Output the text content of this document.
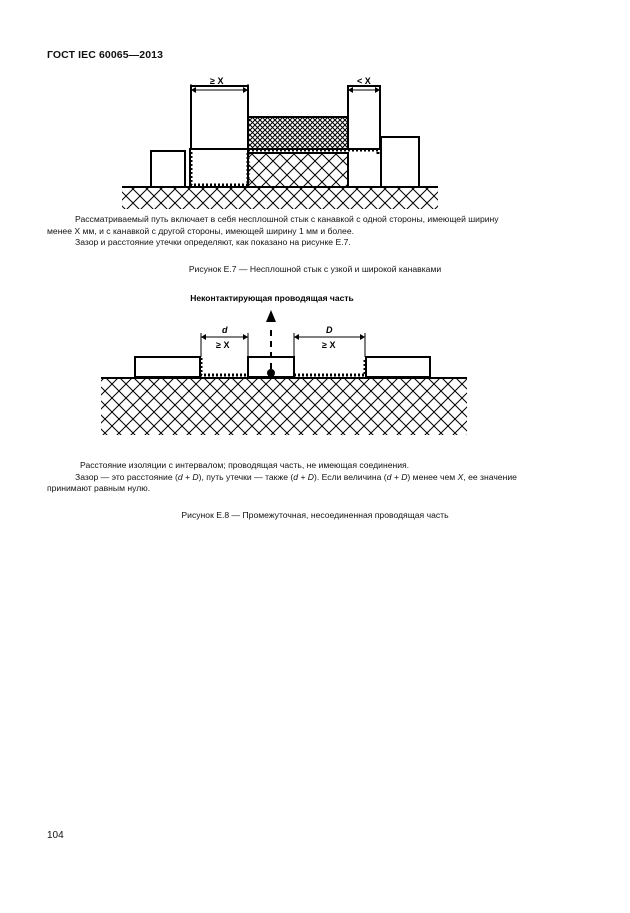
ГОСТ IEC 60065—2013
≥ X	< X

Рассматриваемый путь включает в себя несплошной стык с канавкой с одной стороны, имеющей ширину

менее X мм, и с канавкой с другой стороны, имеющей ширину 1 мм и более.

Зазор и расстояние утечки определяют, как показано на рисунке Е.7.

Рисунок Е.7 — Несплошной стык с узкой и широкой канавками
Неконтактирующая проводящая часть
d	D
≥ X	≥ X

Расстояние изоляции с интервалом; проводящая часть, не имеющая соединения.

Зазор — это расстояние (d + D), путь утечки — также (d + D). Если величина (d + D) менее чем X, ее значение

принимают равным нулю.

Рисунок Е.8 — Промежуточная, несоединенная проводящая часть
104
